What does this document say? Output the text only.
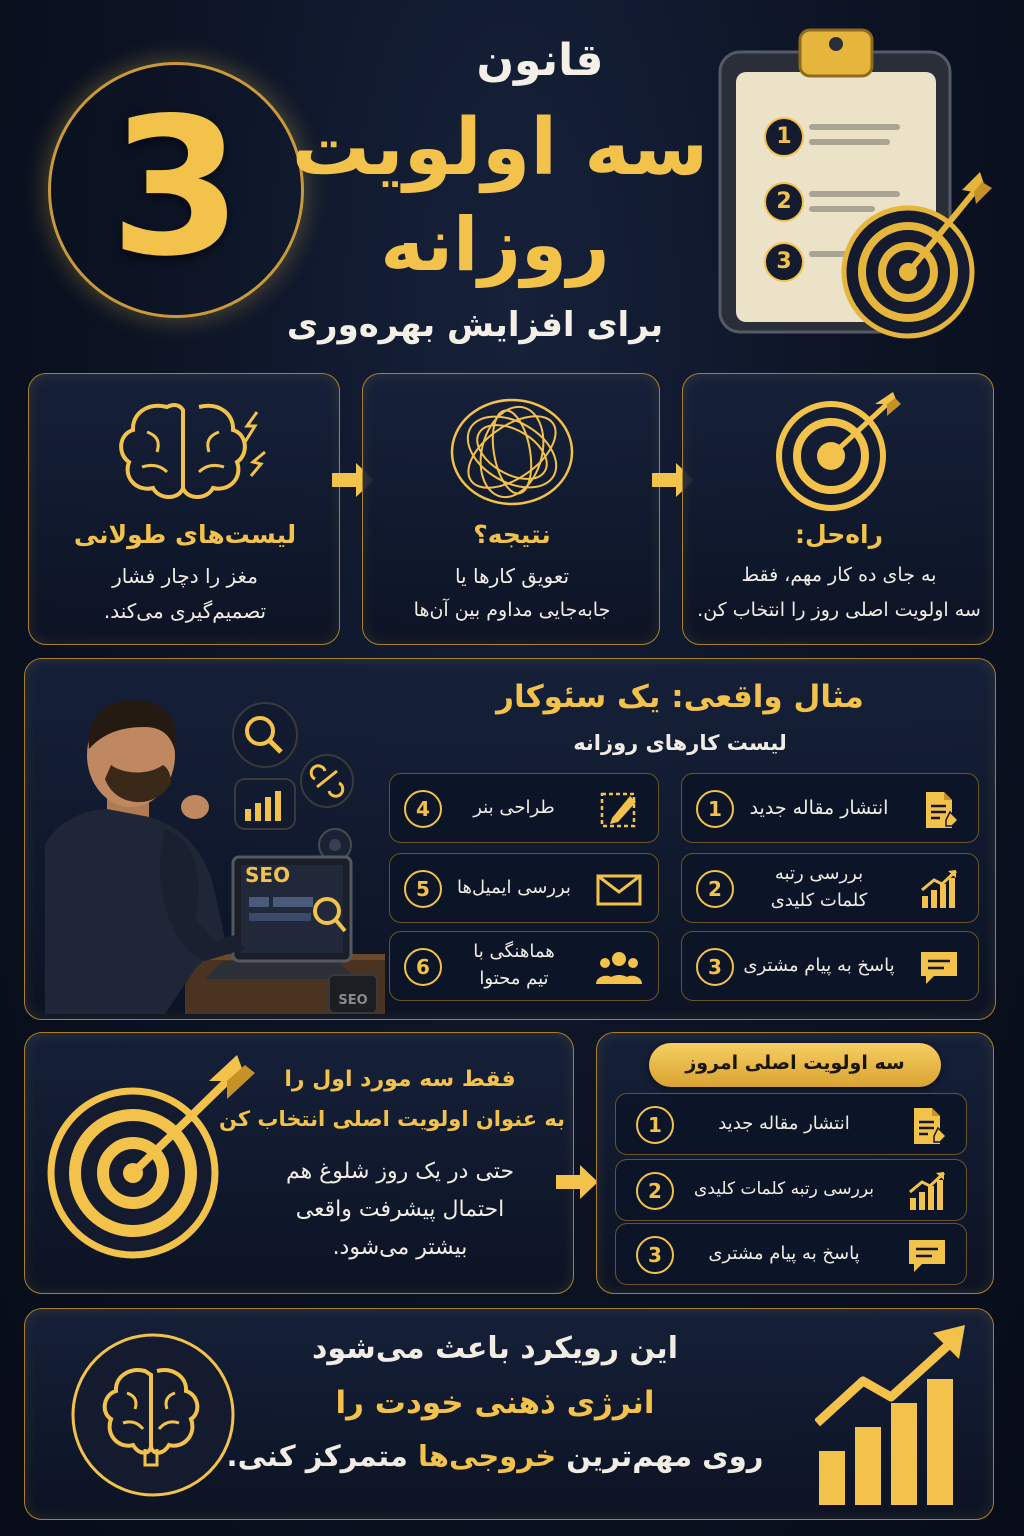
3
قانون
سه اولویت
روزانه
برای افزایش بهره‌وری
1
2
3
لیست‌های طولانی
مغز را دچار فشار
تصمیم‌گیری می‌کند.
نتیجه؟
تعویق کارها یا
جابه‌جایی مداوم بین آن‌ها
راه‌حل:
به جای ده کار مهم، فقط
سه اولویت اصلی روز را انتخاب کن.
SEO
SEO
مثال واقعی: یک سئوکار
لیست کارهای روزانه
انتشار مقاله جدید
1
بررسی رتبه
کلمات کلیدی
2
پاسخ به پیام مشتری
3
طراحی بنر
4
بررسی ایمیل‌ها
5
هماهنگی با
تیم محتوا
6
فقط سه مورد اول را
به عنوان اولویت اصلی انتخاب کن
حتی در یک روز شلوغ هم
احتمال پیشرفت واقعی
بیشتر می‌شود.
سه اولویت اصلی امروز
انتشار مقاله جدید
1
بررسی رتبه کلمات کلیدی
2
پاسخ به پیام مشتری
3
این رویکرد باعث می‌شود
انرژی ذهنی خودت را
روی مهم‌ترین خروجی‌ها متمرکز کنی.
